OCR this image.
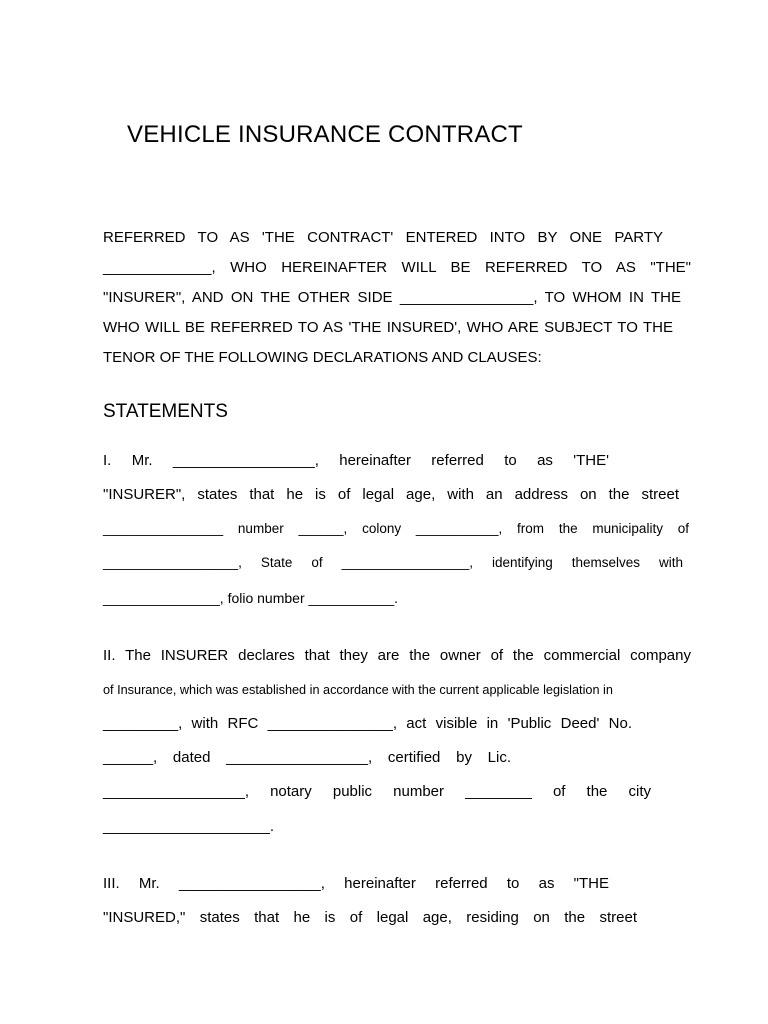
VEHICLE INSURANCE CONTRACT
REFERRED TO AS 'THE CONTRACT' ENTERED INTO BY ONE PARTY
_____________, WHO HEREINAFTER WILL BE REFERRED TO AS "THE"
"INSURER", AND ON THE OTHER SIDE ________________, TO WHOM IN THE
WHO WILL BE REFERRED TO AS 'THE INSURED', WHO ARE SUBJECT TO THE
TENOR OF THE FOLLOWING DECLARATIONS AND CLAUSES:
STATEMENTS
I. Mr. _________________, hereinafter referred to as 'THE'
"INSURER", states that he is of legal age, with an address on the street
________________ number ______, colony ___________, from the municipality of
__________________, State of _________________, identifying themselves with
_______________, folio number ___________.
II. The INSURER declares that they are the owner of the commercial company
of Insurance, which was established in accordance with the current applicable legislation in
_________, with RFC _______________, act visible in 'Public Deed' No.
______, dated _________________, certified by Lic.
_________________, notary public number ________ of the city
____________________.
III. Mr. _________________, hereinafter referred to as "THE
"INSURED," states that he is of legal age, residing on the street
